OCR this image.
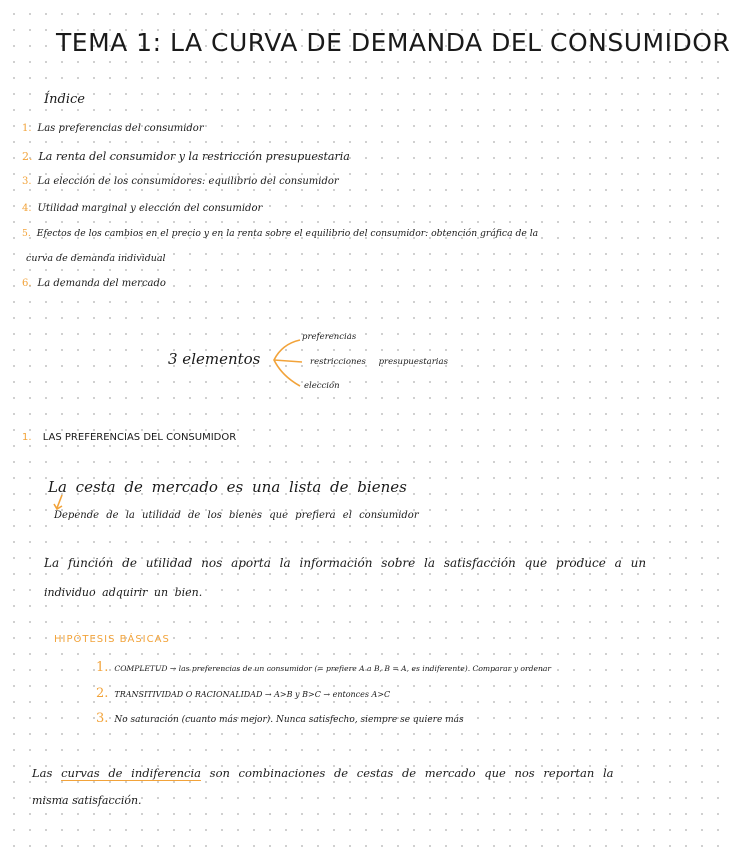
TEMA 1: LA CURVA DE DEMANDA DEL CONSUMIDOR
Índice
1. Las preferencias del consumidor
2. La renta del consumidor y la restricción presupuestaria
3. La elección de los consumidores: equilibrio del consumidor
4. Utilidad marginal y elección del consumidor
5. Efectos de los cambios en el precio y en la renta sobre el equilibrio del consumidor: obtención gráfica de la
curva de demanda individual
6. La demanda del mercado
3 elementos
preferencias
restricciones presupuestarias
elección
1. LAS PREFERENCIAS DEL CONSUMIDOR
La cesta de mercado es una lista de bienes
Depende de la utilidad de los bienes que prefiera el consumidor
La función de utilidad nos aporta la información sobre la satisfacción que produce a un
individuo adquirir un bien.
HIPÓTESIS BÁSICAS
1. COMPLETUD → las preferencias de un consumidor (= prefiere A a B, B = A, es indiferente). Comparar y ordenar
2. TRANSITIVIDAD O RACIONALIDAD → A>B y B>C → entonces A>C
3. No saturación (cuanto más mejor). Nunca satisfecho, siempre se quiere más
Las curvas de indiferencia son combinaciones de cestas de mercado que nos reportan la
misma satisfacción.
